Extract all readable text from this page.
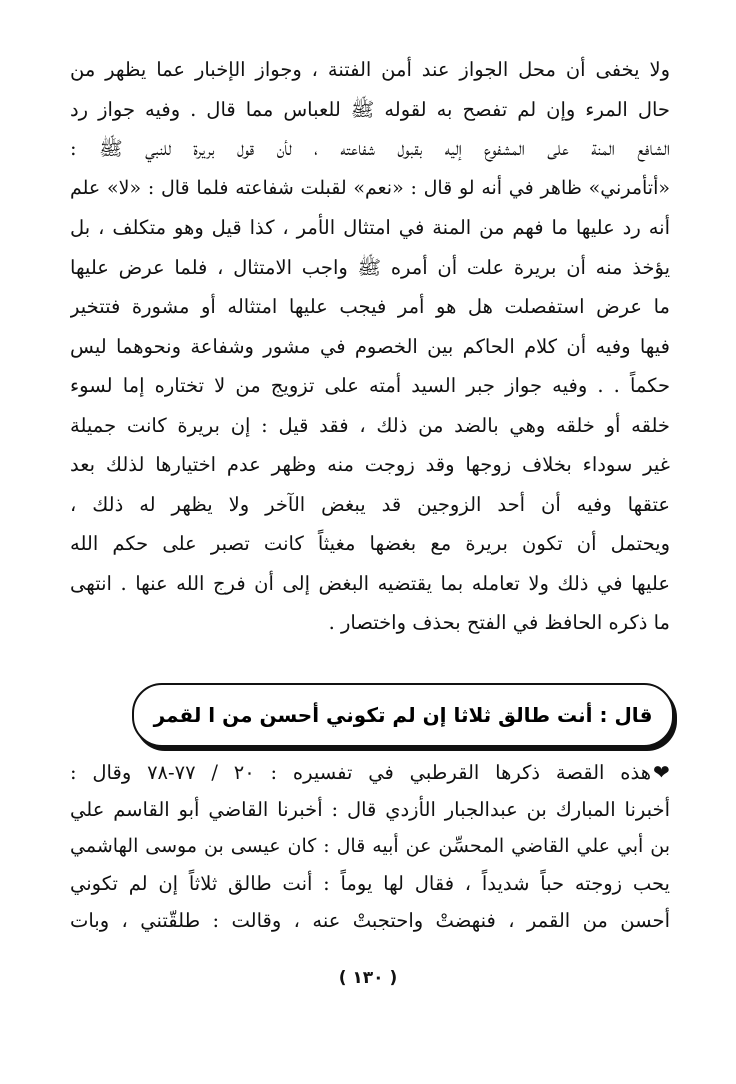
ولا يخفى أن محل الجواز عند أمن الفتنة ، وجواز الإخبار عما يظهر من
حال المرء وإن لم تفصح به لقوله ﷺ للعباس مما قال . وفيه جواز رد
الشافع المنة على المشفوع إليه بقبول شفاعته ، لأن قول بريرة للنبي ﷺ :
«أتأمرني» ظاهر في أنه لو قال : «نعم» لقبلت شفاعته فلما قال : «لا» علم
أنه رد عليها ما فهم من المنة في امتثال الأمر ، كذا قيل وهو متكلف ، بل
يؤخذ منه أن بريرة علت أن أمره ﷺ واجب الامتثال ، فلما عرض عليها
ما عرض استفصلت هل هو أمر فيجب عليها امتثاله أو مشورة فتتخير
فيها وفيه أن كلام الحاكم بين الخصوم في مشور وشفاعة ونحوهما ليس
حكماً . . وفيه جواز جبر السيد أمته على تزويج من لا تختاره إما لسوء
خلقه أو خلقه وهي بالضد من ذلك ، فقد قيل : إن بريرة كانت جميلة
غير سوداء بخلاف زوجها وقد زوجت منه وظهر عدم اختيارها لذلك بعد
عتقها وفيه أن أحد الزوجين قد يبغض الآخر ولا يظهر له ذلك ،
ويحتمل أن تكون بريرة مع بغضها مغيثاً كانت تصبر على حكم الله
عليها في ذلك ولا تعامله بما يقتضيه البغض إلى أن فرج الله عنها . انتهى
ما ذكره الحافظ في الفتح بحذف واختصار .
قال : أنت طالق ثلاثا إن لم تكوني أحسن من ا لقمر
❤هذه القصة ذكرها القرطبي في تفسيره : ٢٠ / ٧٧-٧٨ وقال :
أخبرنا المبارك بن عبدالجبار الأزدي قال : أخبرنا القاضي أبو القاسم علي
بن أبي علي القاضي المحسِّن عن أبيه قال : كان عيسى بن موسى الهاشمي
يحب زوجته حباً شديداً ، فقال لها يوماً : أنت طالق ثلاثاً إن لم تكوني
أحسن من القمر ، فنهضتْ واحتجبتْ عنه ، وقالت : طلقّتني ، وبات
( ١٣٠ )
